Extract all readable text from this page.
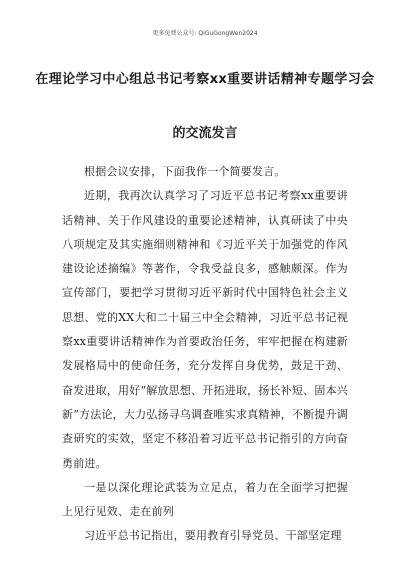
更多免费公众号: QiGuGongWen2024
在理论学习中心组总书记考察xx重要讲话精神专题学习会
的交流发言

根据会议安排，下面我作一个简要发言。

近期，我再次认真学习了习近平总书记考察xx重要讲话精神、关于作风建设的重要论述精神，认真研读了中央八项规定及其实施细则精神和《习近平关于加强党的作风建设论述摘编》等著作，令我受益良多，感触颇深。作为宣传部门，要把学习贯彻习近平新时代中国特色社会主义思想、党的XX大和二十届三中全会精神，习近平总书记视察xx重要讲话精神作为首要政治任务，牢牢把握在构建新发展格局中的使命任务，充分发挥自身优势，鼓足干劲、奋发进取，用好“解放思想、开拓进取，扬长补短、固本兴新”方法论，大力弘扬寻乌调查唯实求真精神，不断提升调查研究的实效，坚定不移沿着习近平总书记指引的方向奋勇前进。

一是以深化理论武装为立足点，着力在全面学习把握上见行见效、走在前列

习近平总书记指出，要用教育引导党员、干部坚定理
